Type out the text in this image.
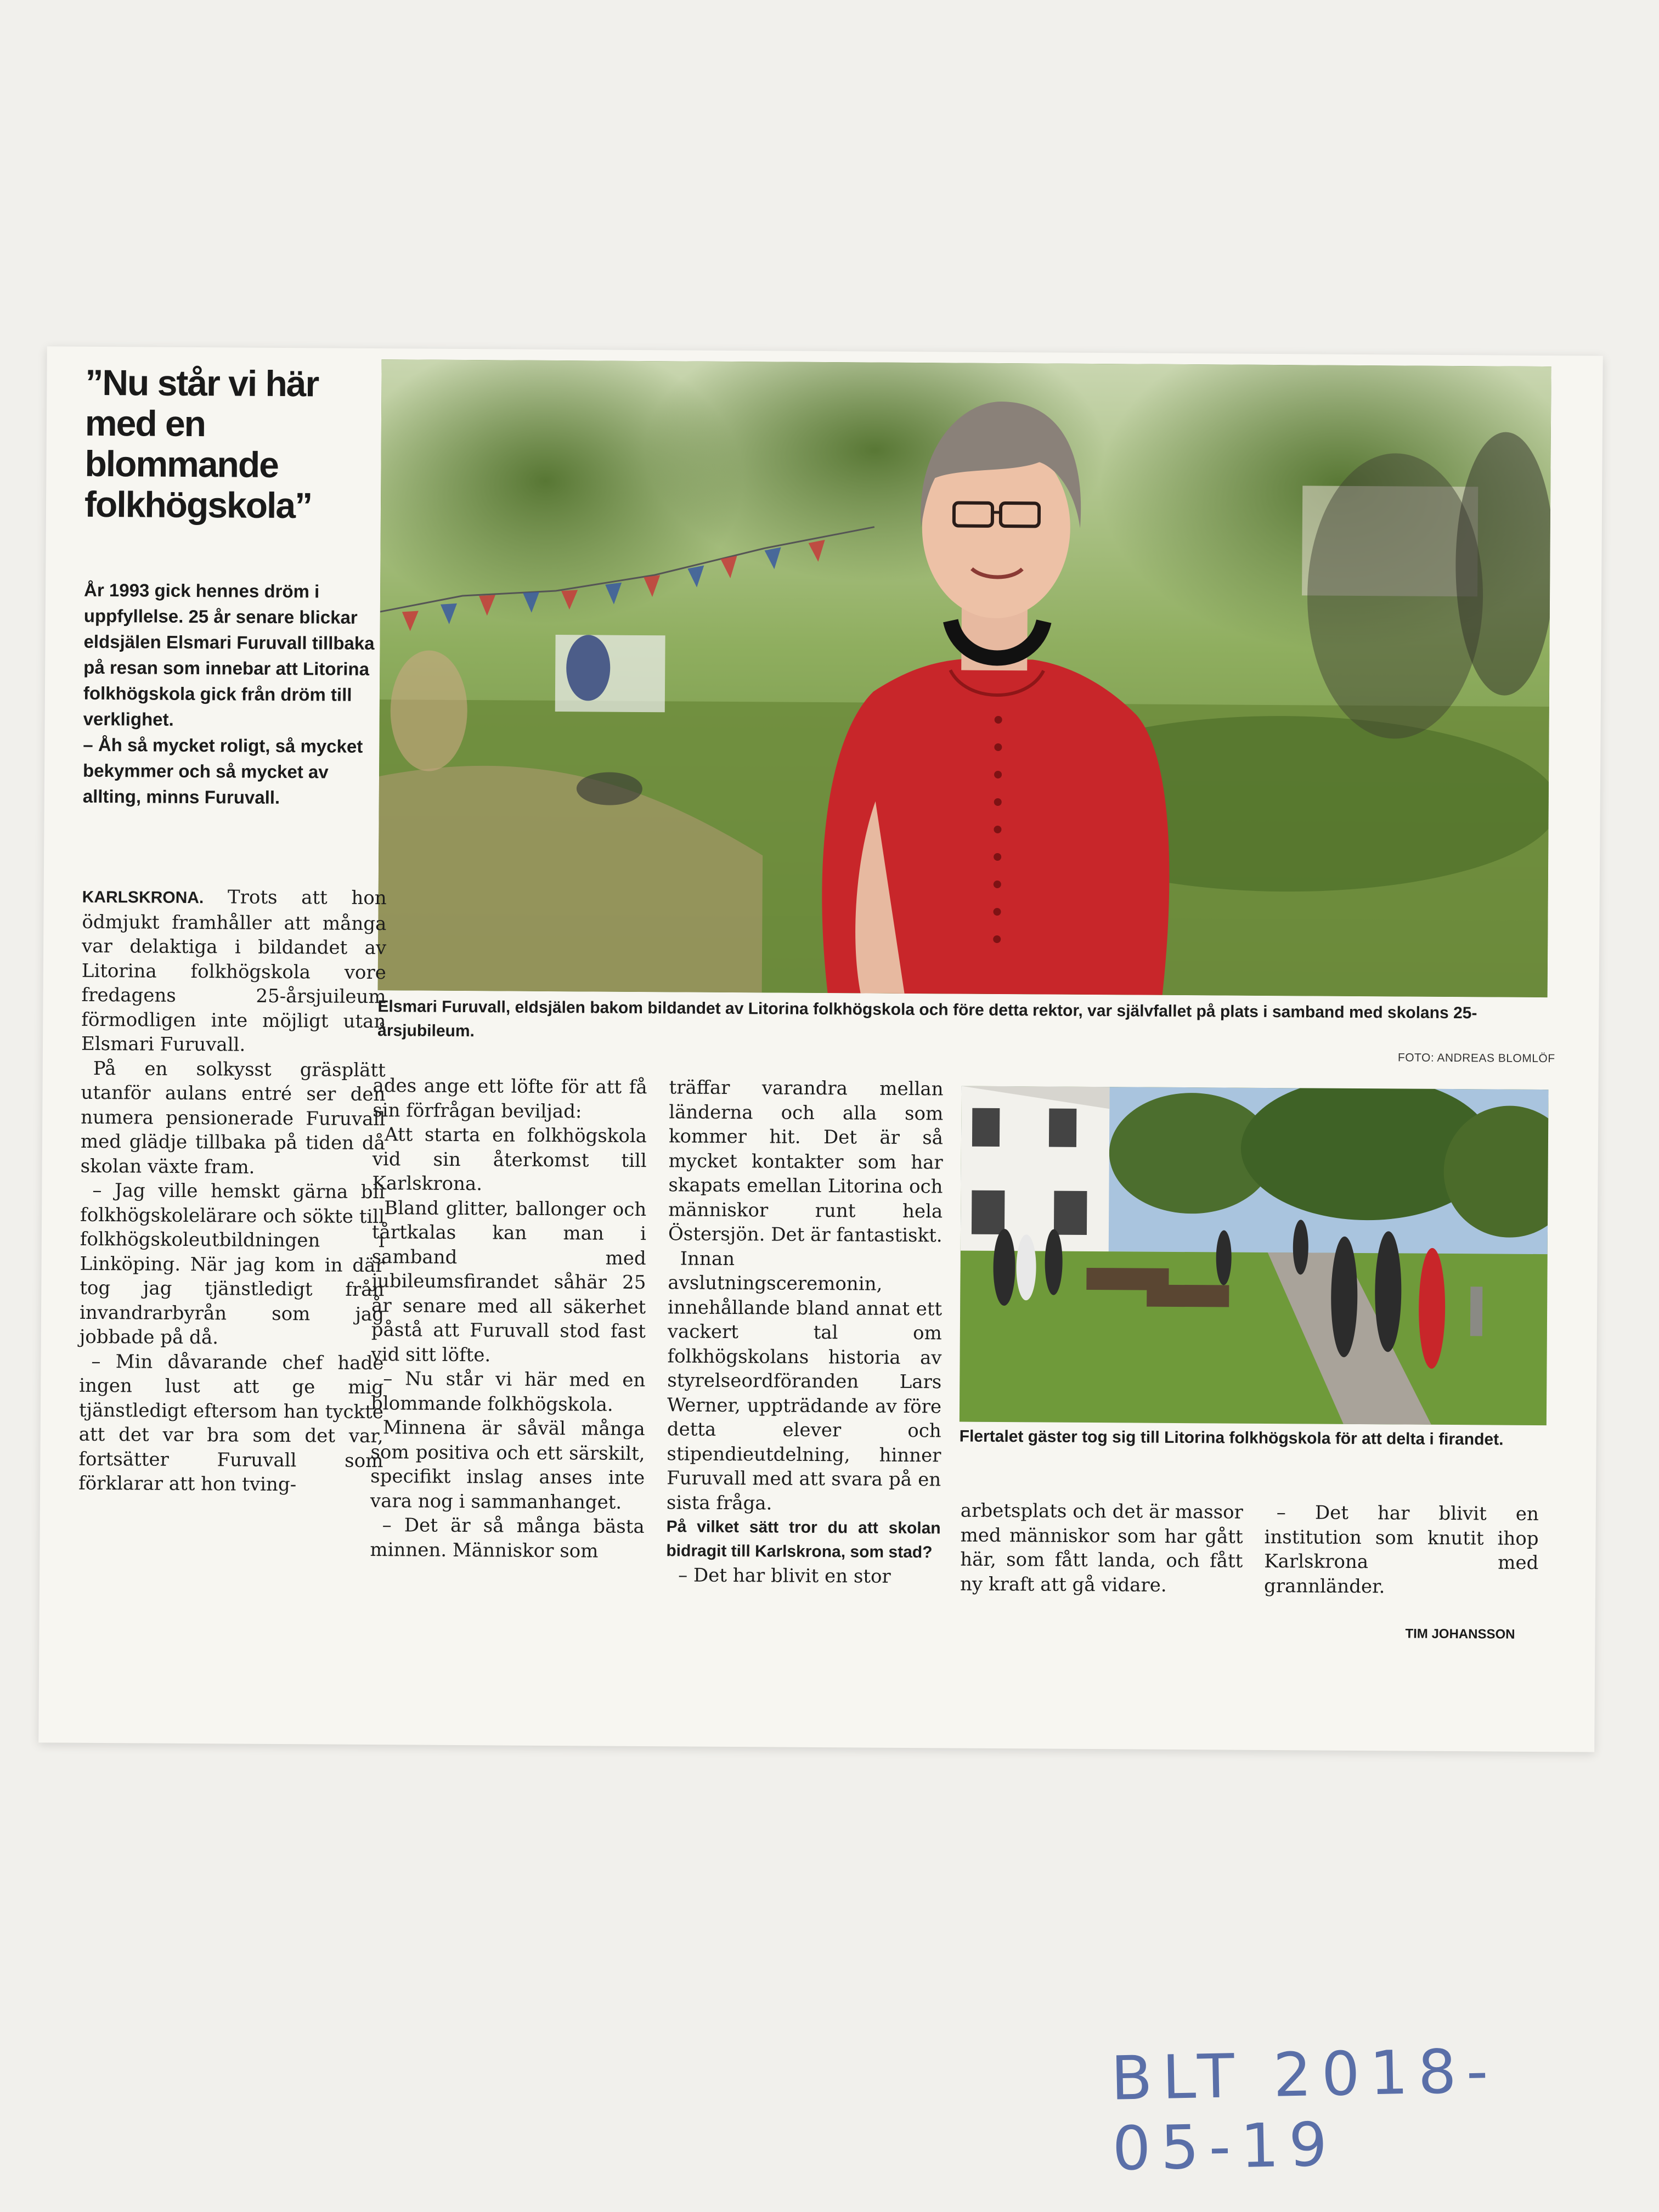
”Nu står vi här med en blommande folkhögskola”
År 1993 gick hennes dröm i uppfyllelse. 25 år senare blickar eldsjälen Elsmari Furuvall tillbaka på resan som innebar att Litorina folkhögskola gick från dröm till verklighet.
– Åh så mycket roligt, så mycket bekymmer och så mycket av allting, minns Furuvall.
Elsmari Furuvall, eldsjälen bakom bildandet av Litorina folkhögskola och före detta rektor, var självfallet på plats i samband med skolans 25-årsjubileum.
FOTO: ANDREAS BLOMLÖF

KARLSKRONA. Trots att hon ödmjukt framhåller att många var delaktiga i bildandet av Litorina folkhögskola vore fredagens 25-årsjuileum förmodligen inte möjligt utan Elsmari Furuvall.

På en solkysst gräsplätt utanför aulans entré ser den numera pensionerade Furuvall med glädje tillbaka på tiden då skolan växte fram.

– Jag ville hemskt gärna bli folkhögskolelärare och sökte till folkhögskoleutbildningen i Linköping. När jag kom in där tog jag tjänstledigt från invandrarbyrån som jag jobbade på då.

– Min dåvarande chef hade ingen lust att ge mig tjänstledigt eftersom han tyckte att det var bra som det var, fortsätter Furuvall som förklarar att hon tving-

ades ange ett löfte för att få sin förfrågan beviljad:

Att starta en folkhögskola vid sin återkomst till Karlskrona.

Bland glitter, ballonger och tårtkalas kan man i samband med jubileumsfirandet såhär 25 år senare med all säkerhet påstå att Furuvall stod fast vid sitt löfte.

– Nu står vi här med en blommande folkhögskola.

Minnena är såväl många som positiva och ett särskilt, specifikt inslag anses inte vara nog i sammanhanget.

– Det är så många bästa minnen. Människor som

träffar varandra mellan länderna och alla som kommer hit. Det är så mycket kontakter som har skapats emellan Litorina och människor runt hela Östersjön. Det är fantastiskt.

Innan avslutningsceremonin, innehållande bland annat ett vackert tal om folkhögskolans historia av styrelseordföranden Lars Werner, uppträdande av före detta elever och stipendieutdelning, hinner Furuvall med att svara på en sista fråga.

På vilket sätt tror du att skolan bidragit till Karlskrona, som stad?

– Det har blivit en stor

Flertalet gäster tog sig till Litorina folkhögskola för att delta i firandet.

arbetsplats och det är massor med människor som har gått här, som fått landa, och fått ny kraft att gå vidare.

– Det har blivit en institution som knutit ihop Karlskrona med grannländer.

TIM JOHANSSON
BLT 2018-05-19
